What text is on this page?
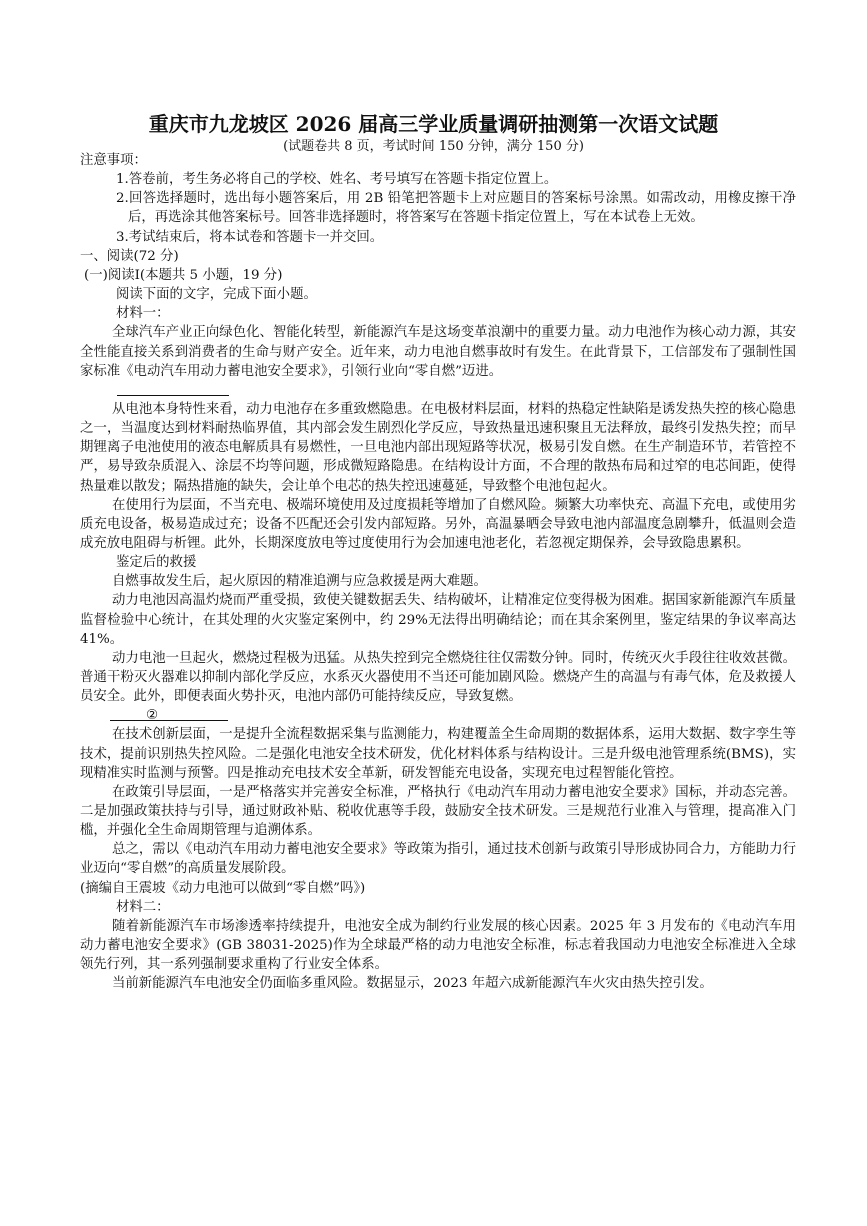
重庆市九龙坡区 2026 届高三学业质量调研抽测第一次语文试题
(试题卷共 8 页，考试时间 150 分钟，满分 150 分)

注意事项：

1.答卷前，考生务必将自己的学校、姓名、考号填写在答题卡指定位置上。

2.回答选择题时，选出每小题答案后，用 2B 铅笔把答题卡上对应题目的答案标号涂黑。如需改动，用橡皮擦干净后，再选涂其他答案标号。回答非选择题时，将答案写在答题卡指定位置上，写在本试卷上无效。

3.考试结束后，将本试卷和答题卡一并交回。

一、阅读(72 分)

(一)阅读Ⅰ(本题共 5 小题，19 分)

阅读下面的文字，完成下面小题。

材料一：

全球汽车产业正向绿色化、智能化转型，新能源汽车是这场变革浪潮中的重要力量。动力电池作为核心动力源，其安全性能直接关系到消费者的生命与财产安全。近年来，动力电池自燃事故时有发生。在此背景下，工信部发布了强制性国家标准《电动汽车用动力蓄电池安全要求》，引领行业向“零自燃”迈进。

从电池本身特性来看，动力电池存在多重致燃隐患。在电极材料层面，材料的热稳定性缺陷是诱发热失控的核心隐患之一，当温度达到材料耐热临界值，其内部会发生剧烈化学反应，导致热量迅速积聚且无法释放，最终引发热失控；而早期锂离子电池使用的液态电解质具有易燃性，一旦电池内部出现短路等状况，极易引发自燃。在生产制造环节，若管控不严，易导致杂质混入、涂层不均等问题，形成微短路隐患。在结构设计方面，不合理的散热布局和过窄的电芯间距，使得热量难以散发；隔热措施的缺失，会让单个电芯的热失控迅速蔓延，导致整个电池包起火。

在使用行为层面，不当充电、极端环境使用及过度损耗等增加了自燃风险。频繁大功率快充、高温下充电，或使用劣质充电设备，极易造成过充；设备不匹配还会引发内部短路。另外，高温暴晒会导致电池内部温度急剧攀升，低温则会造成充放电阻碍与析锂。此外，长期深度放电等过度使用行为会加速电池老化，若忽视定期保养，会导致隐患累积。

鉴定后的救援

自燃事故发生后，起火原因的精准追溯与应急救援是两大难题。

动力电池因高温灼烧而严重受损，致使关键数据丢失、结构破坏，让精准定位变得极为困难。据国家新能源汽车质量监督检验中心统计，在其处理的火灾鉴定案例中，约 29%无法得出明确结论；而在其余案例里，鉴定结果的争议率高达 41%。

动力电池一旦起火，燃烧过程极为迅猛。从热失控到完全燃烧往往仅需数分钟。同时，传统灭火手段往往收效甚微。普通干粉灭火器难以抑制内部化学反应，水系灭火器使用不当还可能加剧风险。燃烧产生的高温与有毒气体，危及救援人员安全。此外，即便表面火势扑灭，电池内部仍可能持续反应，导致复燃。

②

在技术创新层面，一是提升全流程数据采集与监测能力，构建覆盖全生命周期的数据体系，运用大数据、数字孪生等技术，提前识别热失控风险。二是强化电池安全技术研发，优化材料体系与结构设计。三是升级电池管理系统(BMS)，实现精准实时监测与预警。四是推动充电技术安全革新，研发智能充电设备，实现充电过程智能化管控。

在政策引导层面，一是严格落实并完善安全标准，严格执行《电动汽车用动力蓄电池安全要求》国标，并动态完善。二是加强政策扶持与引导，通过财政补贴、税收优惠等手段，鼓励安全技术研发。三是规范行业准入与管理，提高准入门槛，并强化全生命周期管理与追溯体系。

总之，需以《电动汽车用动力蓄电池安全要求》等政策为指引，通过技术创新与政策引导形成协同合力，方能助力行业迈向“零自燃”的高质量发展阶段。

(摘编自王震坡《动力电池可以做到“零自燃”吗》)

材料二：

随着新能源汽车市场渗透率持续提升，电池安全成为制约行业发展的核心因素。2025 年 3 月发布的《电动汽车用动力蓄电池安全要求》(GB 38031-2025)作为全球最严格的动力电池安全标准，标志着我国动力电池安全标准进入全球领先行列，其一系列强制要求重构了行业安全体系。

当前新能源汽车电池安全仍面临多重风险。数据显示，2023 年超六成新能源汽车火灾由热失控引发。
